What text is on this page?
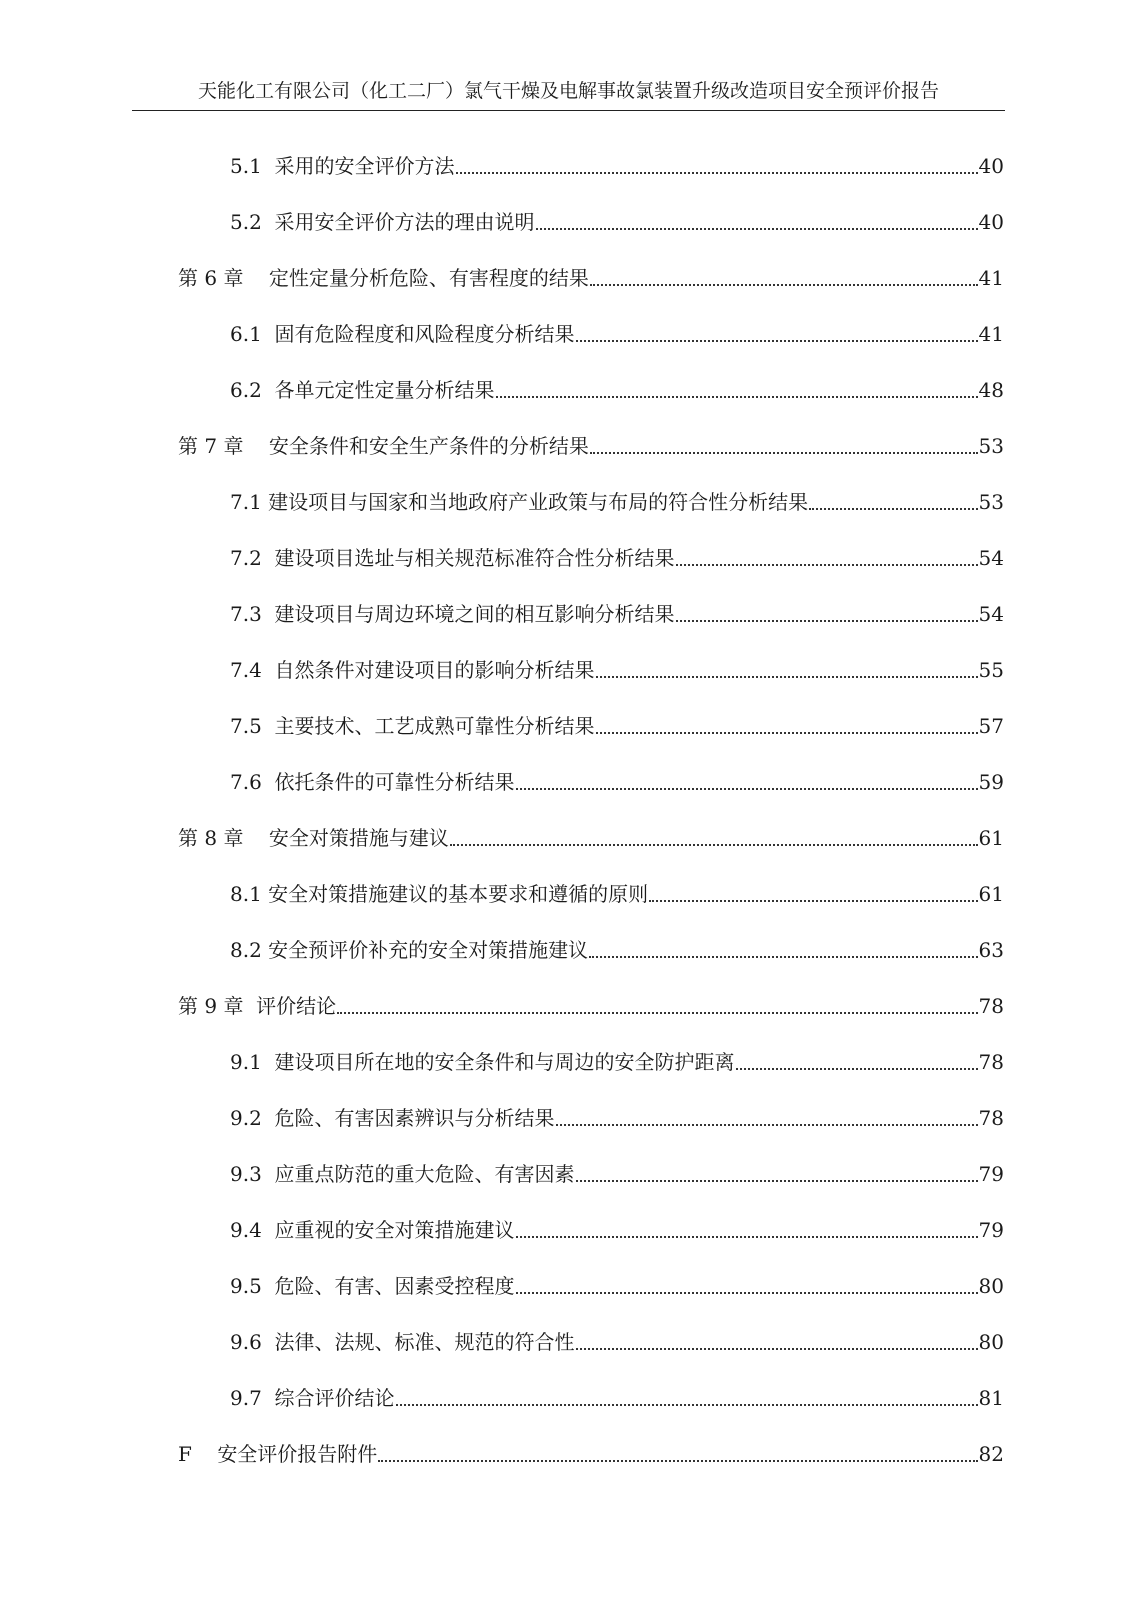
天能化工有限公司（化工二厂）氯气干燥及电解事故氯装置升级改造项目安全预评价报告
5.1 采用的安全评价方法	40
5.2 采用安全评价方法的理由说明	40
第 6 章 定性定量分析危险、有害程度的结果	41
6.1 固有危险程度和风险程度分析结果	41
6.2 各单元定性定量分析结果	48
第 7 章 安全条件和安全生产条件的分析结果	53
7.1 建设项目与国家和当地政府产业政策与布局的符合性分析结果	53
7.2 建设项目选址与相关规范标准符合性分析结果	54
7.3 建设项目与周边环境之间的相互影响分析结果	54
7.4 自然条件对建设项目的影响分析结果	55
7.5 主要技术、工艺成熟可靠性分析结果	57
7.6 依托条件的可靠性分析结果	59
第 8 章 安全对策措施与建议	61
8.1 安全对策措施建议的基本要求和遵循的原则	61
8.2 安全预评价补充的安全对策措施建议	63
第 9 章 评价结论	78
9.1 建设项目所在地的安全条件和与周边的安全防护距离	78
9.2 危险、有害因素辨识与分析结果	78
9.3 应重点防范的重大危险、有害因素	79
9.4 应重视的安全对策措施建议	79
9.5 危险、有害、因素受控程度	80
9.6 法律、法规、标准、规范的符合性	80
9.7 综合评价结论	81
F 安全评价报告附件	82
